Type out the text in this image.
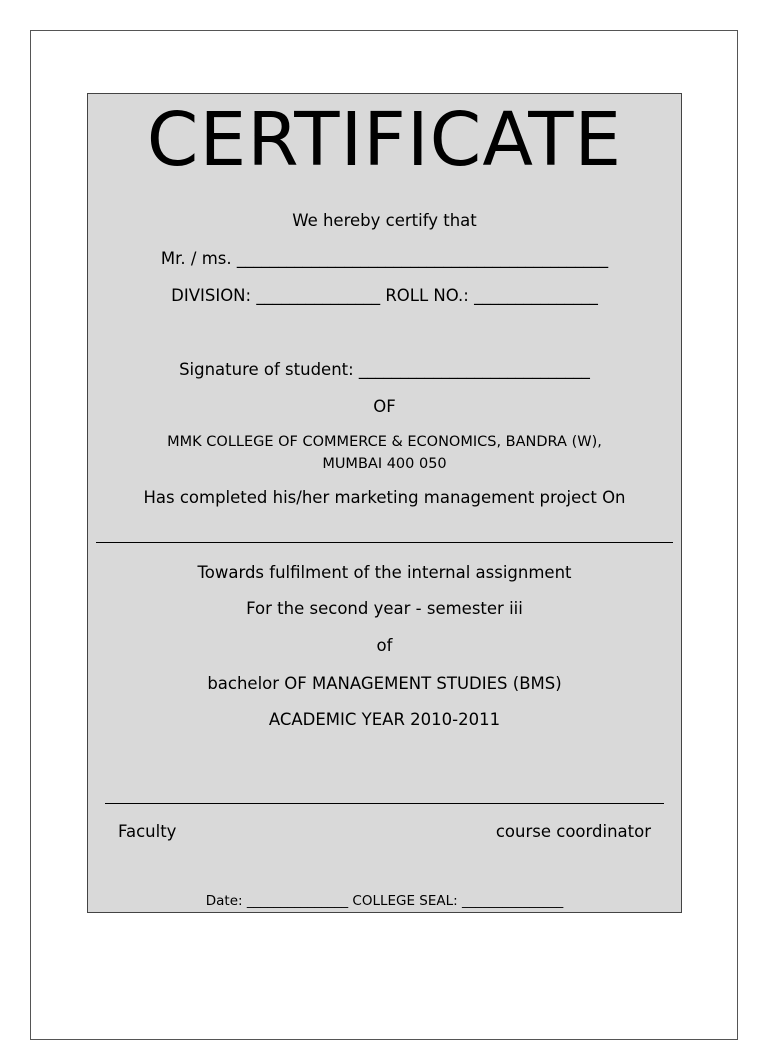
CERTIFICATE
We hereby certify that
Mr. / ms. _____________________________________________
DIVISION: _______________ ROLL NO.: _______________
Signature of student: ____________________________
OF
MMK COLLEGE OF COMMERCE & ECONOMICS, BANDRA (W),
MUMBAI 400 050
Has completed his/her marketing management project On
Towards fulfilment of the internal assignment
For the second year - semester iii
of
bachelor OF MANAGEMENT STUDIES (BMS)
ACADEMIC YEAR 2010-2011
Faculty	course coordinator
Date: _______________ COLLEGE SEAL: _______________
